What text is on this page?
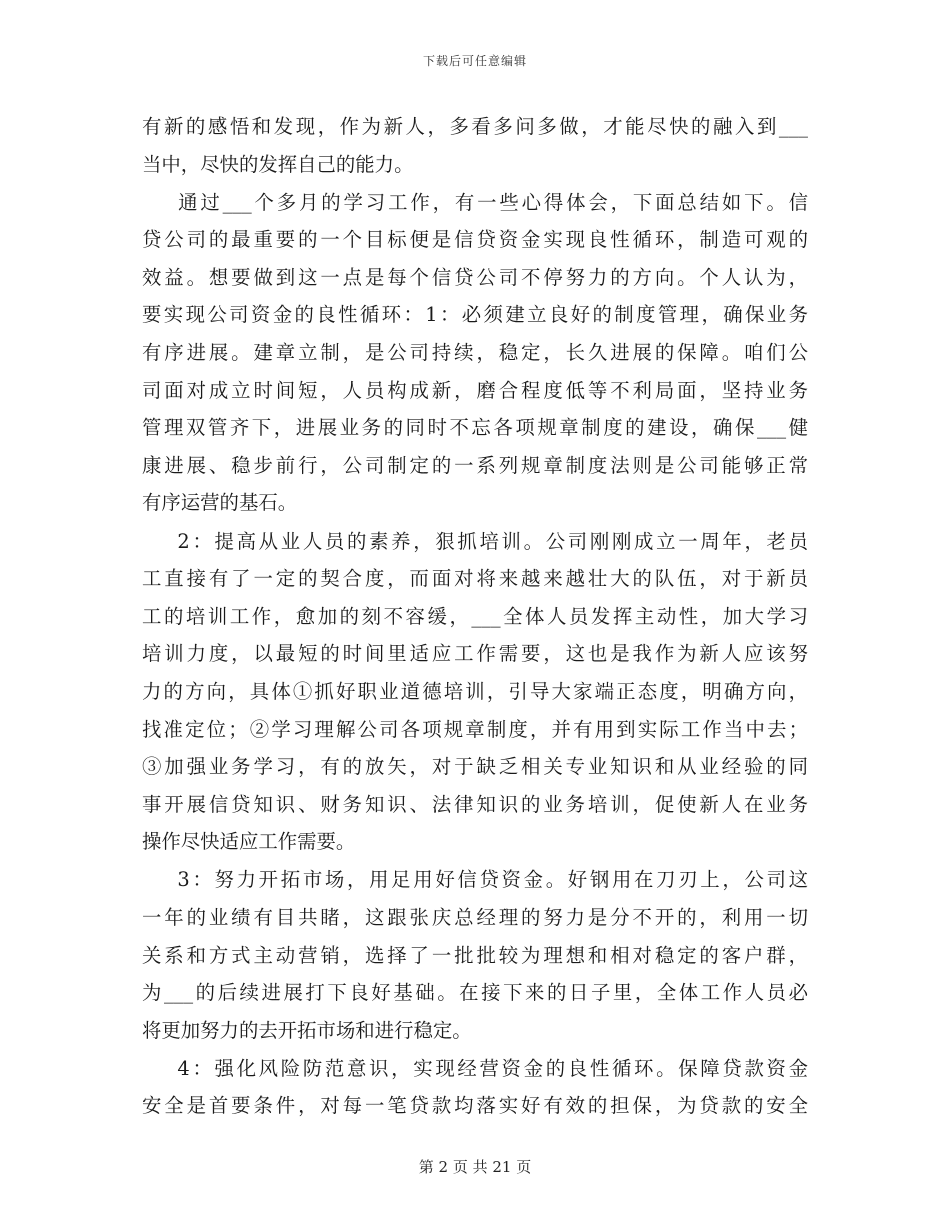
下载后可任意编辑
有新的感悟和发现，作为新人，多看多问多做，才能尽快的融入到___
当中，尽快的发挥自己的能力。
通过___个多月的学习工作，有一些心得体会，下面总结如下。信
贷公司的最重要的一个目标便是信贷资金实现良性循环，制造可观的
效益。想要做到这一点是每个信贷公司不停努力的方向。个人认为，
要实现公司资金的良性循环：1：必须建立良好的制度管理，确保业务
有序进展。建章立制，是公司持续，稳定，长久进展的保障。咱们公
司面对成立时间短，人员构成新，磨合程度低等不利局面，坚持业务
管理双管齐下，进展业务的同时不忘各项规章制度的建设，确保___健
康进展、稳步前行，公司制定的一系列规章制度法则是公司能够正常
有序运营的基石。
2：提高从业人员的素养，狠抓培训。公司刚刚成立一周年，老员
工直接有了一定的契合度，而面对将来越来越壮大的队伍，对于新员
工的培训工作，愈加的刻不容缓，___全体人员发挥主动性，加大学习
培训力度，以最短的时间里适应工作需要，这也是我作为新人应该努
力的方向，具体①抓好职业道德培训，引导大家端正态度，明确方向，
找准定位；②学习理解公司各项规章制度，并有用到实际工作当中去；
③加强业务学习，有的放矢，对于缺乏相关专业知识和从业经验的同
事开展信贷知识、财务知识、法律知识的业务培训，促使新人在业务
操作尽快适应工作需要。
3：努力开拓市场，用足用好信贷资金。好钢用在刀刃上，公司这
一年的业绩有目共睹，这跟张庆总经理的努力是分不开的，利用一切
关系和方式主动营销，选择了一批批较为理想和相对稳定的客户群，
为___的后续进展打下良好基础。在接下来的日子里，全体工作人员必
将更加努力的去开拓市场和进行稳定。
4：强化风险防范意识，实现经营资金的良性循环。保障贷款资金
安全是首要条件，对每一笔贷款均落实好有效的担保，为贷款的安全
第 2 页 共 21 页
